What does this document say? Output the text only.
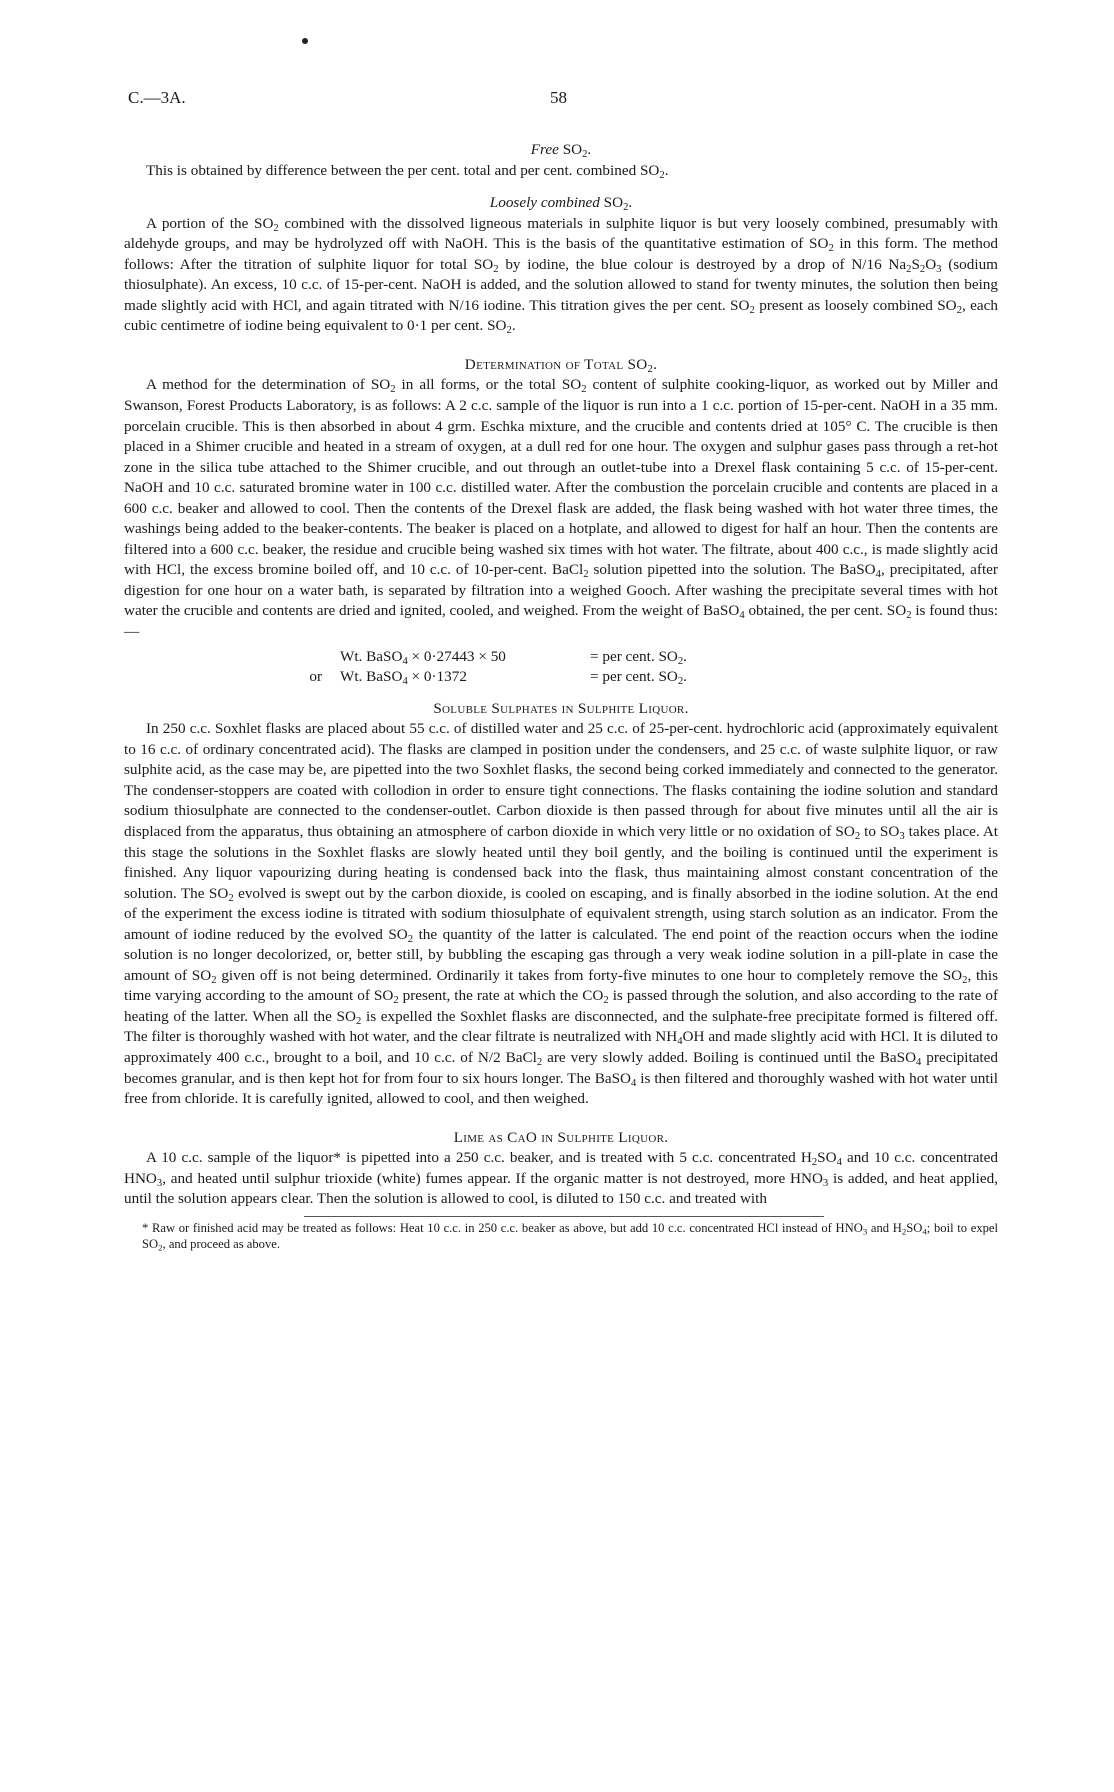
C.—3A.	58
Free $SO_2$.

This is obtained by difference between the per cent. total and per cent. combined $SO_2$.

Loosely combined $SO_2$.

A portion of the $SO_2$ combined with the dissolved ligneous materials in sulphite liquor is but very loosely combined, presumably with aldehyde groups, and may be hydrolyzed off with NaOH. This is the basis of the quantitative estimation of $SO_2$ in this form. The method follows: After the titration of sulphite liquor for total $SO_2$ by iodine, the blue colour is destroyed by a drop of N/16 $Na_2S_2O_3$ (sodium thiosulphate). An excess, 10 c.c. of 15-per-cent. NaOH is added, and the solution allowed to stand for twenty minutes, the solution then being made slightly acid with HCl, and again titrated with N/16 iodine. This titration gives the per cent. $SO_2$ present as loosely combined $SO_2$, each cubic centimetre of iodine being equivalent to 0·1 per cent. $SO_2$.

Determination of Total $SO_2$.

A method for the determination of $SO_2$ in all forms, or the total $SO_2$ content of sulphite cooking-liquor, as worked out by Miller and Swanson, Forest Products Laboratory, is as follows: A 2 c.c. sample of the liquor is run into a 1 c.c. portion of 15-per-cent. NaOH in a 35 mm. porcelain crucible. This is then absorbed in about 4 grm. Eschka mixture, and the crucible and contents dried at 105° C. The crucible is then placed in a Shimer crucible and heated in a stream of oxygen, at a dull red for one hour. The oxygen and sulphur gases pass through a ret-hot zone in the silica tube attached to the Shimer crucible, and out through an outlet-tube into a Drexel flask containing 5 c.c. of 15-per-cent. NaOH and 10 c.c. saturated bromine water in 100 c.c. distilled water. After the combustion the porcelain crucible and contents are placed in a 600 c.c. beaker and allowed to cool. Then the contents of the Drexel flask are added, the flask being washed with hot water three times, the washings being added to the beaker-contents. The beaker is placed on a hotplate, and allowed to digest for half an hour. Then the contents are filtered into a 600 c.c. beaker, the residue and crucible being washed six times with hot water. The filtrate, about 400 c.c., is made slightly acid with HCl, the excess bromine boiled off, and 10 c.c. of 10-per-cent. BaCl$_2$ solution pipetted into the solution. The BaSO$_4$, precipitated, after digestion for one hour on a water bath, is separated by filtration into a weighed Gooch. After washing the precipitate several times with hot water the crucible and contents are dried and ignited, cooled, and weighed. From the weight of BaSO$_4$ obtained, the per cent. $SO_2$ is found thus:—

Wt. BaSO$_4$ × 0·27443 × 50	= per cent. $SO_2$.
or	Wt. BaSO$_4$ × 0·1372	= per cent. $SO_2$.
Soluble Sulphates in Sulphite Liquor.

In 250 c.c. Soxhlet flasks are placed about 55 c.c. of distilled water and 25 c.c. of 25-per-cent. hydrochloric acid (approximately equivalent to 16 c.c. of ordinary concentrated acid). The flasks are clamped in position under the condensers, and 25 c.c. of waste sulphite liquor, or raw sulphite acid, as the case may be, are pipetted into the two Soxhlet flasks, the second being corked immediately and connected to the generator. The condenser-stoppers are coated with collodion in order to ensure tight connections. The flasks containing the iodine solution and standard sodium thiosulphate are connected to the condenser-outlet. Carbon dioxide is then passed through for about five minutes until all the air is displaced from the apparatus, thus obtaining an atmosphere of carbon dioxide in which very little or no oxidation of $SO_2$ to $SO_3$ takes place. At this stage the solutions in the Soxhlet flasks are slowly heated until they boil gently, and the boiling is continued until the experiment is finished. Any liquor vapourizing during heating is condensed back into the flask, thus maintaining almost constant concentration of the solution. The $SO_2$ evolved is swept out by the carbon dioxide, is cooled on escaping, and is finally absorbed in the iodine solution. At the end of the experiment the excess iodine is titrated with sodium thiosulphate of equivalent strength, using starch solution as an indicator. From the amount of iodine reduced by the evolved $SO_2$ the quantity of the latter is calculated. The end point of the reaction occurs when the iodine solution is no longer decolorized, or, better still, by bubbling the escaping gas through a very weak iodine solution in a pill-plate in case the amount of $SO_2$ given off is not being determined. Ordinarily it takes from forty-five minutes to one hour to completely remove the $SO_2$, this time varying according to the amount of $SO_2$ present, the rate at which the $CO_2$ is passed through the solution, and also according to the rate of heating of the latter. When all the $SO_2$ is expelled the Soxhlet flasks are disconnected, and the sulphate-free precipitate formed is filtered off. The filter is thoroughly washed with hot water, and the clear filtrate is neutralized with $NH_4OH$ and made slightly acid with HCl. It is diluted to approximately 400 c.c., brought to a boil, and 10 c.c. of N/2 BaCl$_2$ are very slowly added. Boiling is continued until the BaSO$_4$ precipitated becomes granular, and is then kept hot for from four to six hours longer. The BaSO$_4$ is then filtered and thoroughly washed with hot water until free from chloride. It is carefully ignited, allowed to cool, and then weighed.

Lime as CaO in Sulphite Liquor.

A 10 c.c. sample of the liquor* is pipetted into a 250 c.c. beaker, and is treated with 5 c.c. concentrated $H_2SO_4$ and 10 c.c. concentrated $HNO_3$, and heated until sulphur trioxide (white) fumes appear. If the organic matter is not destroyed, more $HNO_3$ is added, and heat applied, until the solution appears clear. Then the solution is allowed to cool, is diluted to 150 c.c. and treated with

* Raw or finished acid may be treated as follows: Heat 10 c.c. in 250 c.c. beaker as above, but add 10 c.c. concentrated HCl instead of $HNO_3$ and $H_2SO_4$; boil to expel $SO_2$, and proceed as above.
